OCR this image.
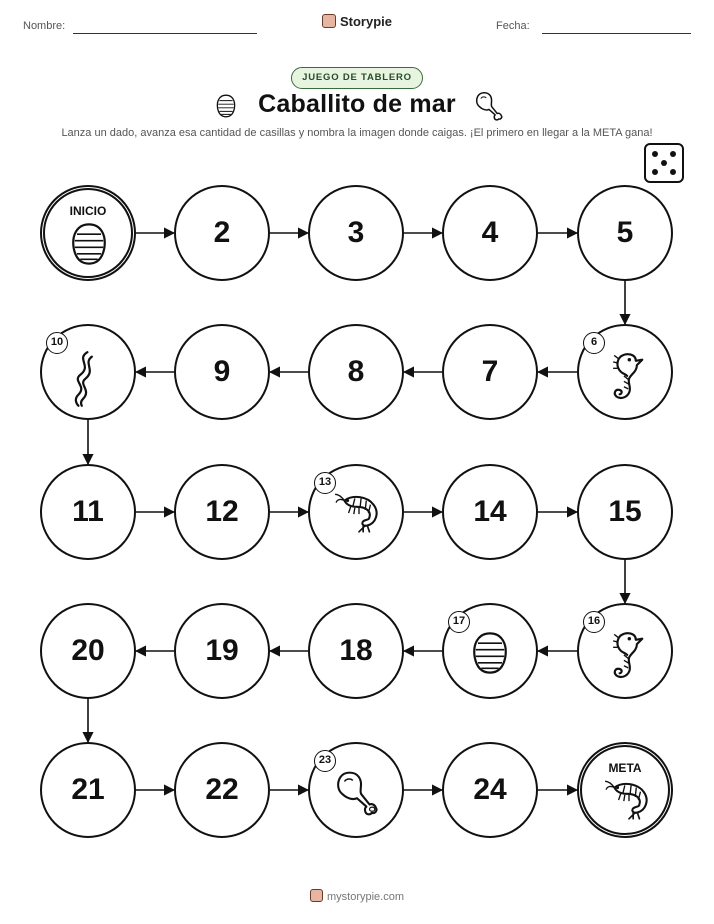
Nombre:	Storypie	Fecha:
JUEGO DE TABLERO
Caballito de mar
Lanza un dado, avanza esa cantidad de casillas y nombra la imagen donde caigas. ¡El primero en llegar a la META gana!
INICIO
2	3	4	5
6
7
8
9
10
11	12
13
14	15
16
17
18
19
20
21	22
23
24
META
mystorypie.com
